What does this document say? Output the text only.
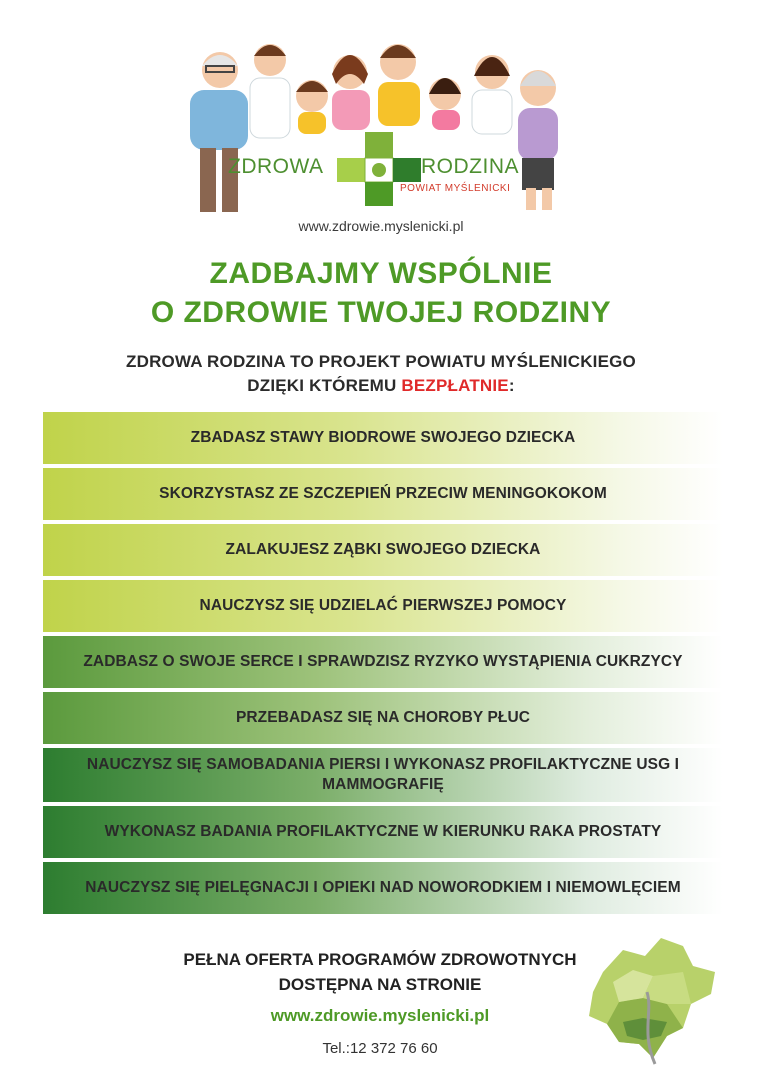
ZDROWA	RODZINA
POWIAT MYŚLENICKI
www.zdrowie.myslenicki.pl
ZADBAJMY WSPÓLNIE
O ZDROWIE TWOJEJ RODZINY
ZDROWA RODZINA TO PROJEKT POWIATU MYŚLENICKIEGO
DZIĘKI KTÓREMU BEZPŁATNIE:
ZBADASZ STAWY BIODROWE SWOJEGO DZIECKA
SKORZYSTASZ ZE SZCZEPIEŃ PRZECIW MENINGOKOKOM
ZALAKUJESZ ZĄBKI SWOJEGO DZIECKA
NAUCZYSZ SIĘ UDZIELAĆ PIERWSZEJ POMOCY
ZADBASZ O SWOJE SERCE I SPRAWDZISZ RYZYKO WYSTĄPIENIA CUKRZYCY
PRZEBADASZ SIĘ NA CHOROBY PŁUC
NAUCZYSZ SIĘ SAMOBADANIA PIERSI I WYKONASZ PROFILAKTYCZNE USG I MAMMOGRAFIĘ
WYKONASZ BADANIA PROFILAKTYCZNE W KIERUNKU RAKA PROSTATY
NAUCZYSZ SIĘ PIELĘGNACJI I OPIEKI NAD NOWORODKIEM I NIEMOWLĘCIEM
PEŁNA OFERTA PROGRAMÓW ZDROWOTNYCH
DOSTĘPNA NA STRONIE
www.zdrowie.myslenicki.pl
Tel.:12 372 76 60
